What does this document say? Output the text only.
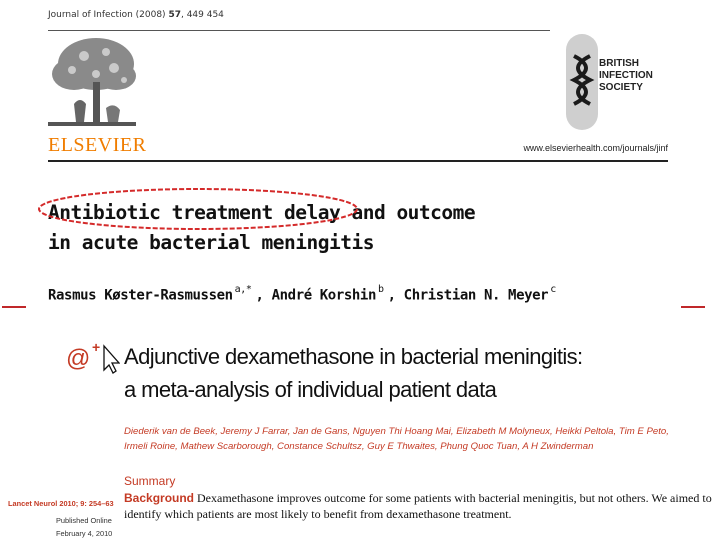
Journal of Infection (2008) 57, 449 454
ELSEVIER
BRITISH
INFECTION
SOCIETY
www.elsevierhealth.com/journals/jinf
Antibiotic treatment delay and outcome
in acute bacterial meningitis
Rasmus Køster-Rasmussen $^{a,*}$ , André Korshin $^b$ , Christian N. Meyer $^c$
@ + Adjunctive dexamethasone in bacterial meningitis:
a meta-analysis of individual patient data
Diederik van de Beek, Jeremy J Farrar, Jan de Gans, Nguyen Thi Hoang Mai, Elizabeth M Molyneux, Heikki Peltola, Tim E Peto, Irmeli Roine, Mathew Scarborough, Constance Schultsz, Guy E Thwaites, Phung Quoc Tuan, A H Zwinderman
Summary
Background Dexamethasone improves outcome for some patients with bacterial meningitis, but not others. We aimed to identify which patients are most likely to benefit from dexamethasone treatment.
Lancet Neurol 2010; 9: 254–63
Published Online
February 4, 2010
